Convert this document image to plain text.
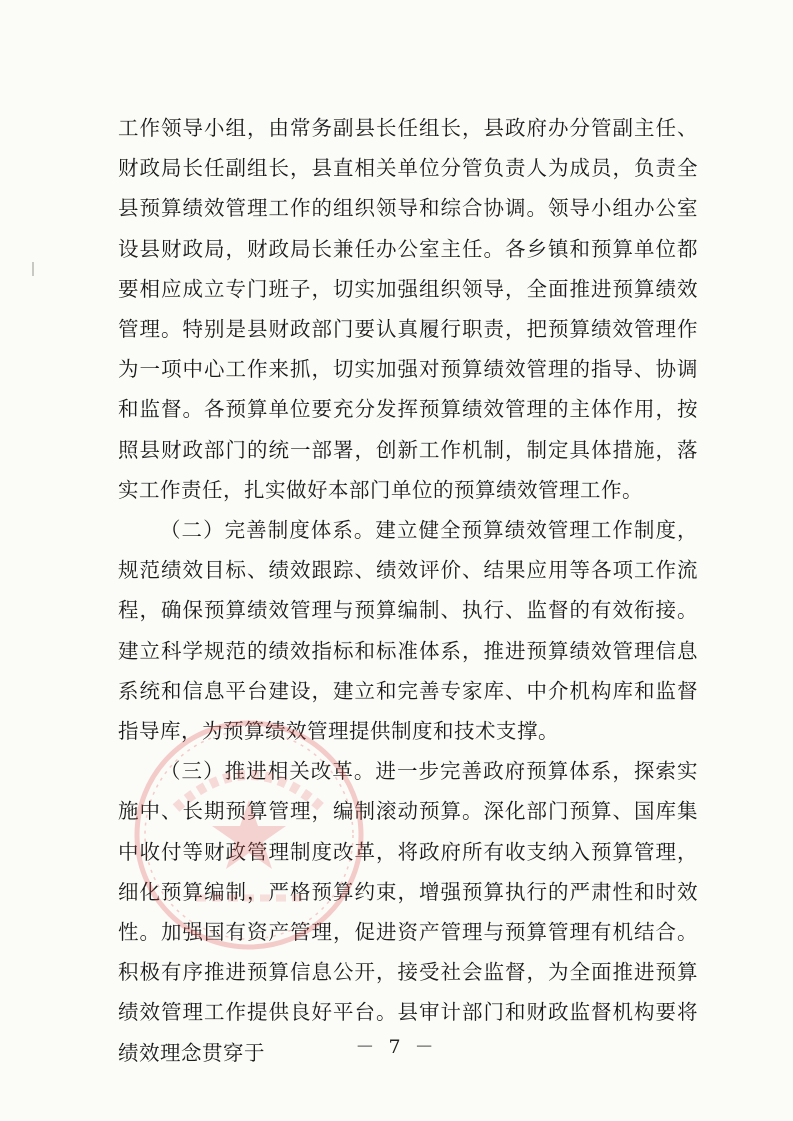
工作领导小组，由常务副县长任组长，县政府办分管副主任、财政局长任副组长，县直相关单位分管负责人为成员，负责全县预算绩效管理工作的组织领导和综合协调。领导小组办公室设县财政局，财政局长兼任办公室主任。各乡镇和预算单位都要相应成立专门班子，切实加强组织领导，全面推进预算绩效管理。特别是县财政部门要认真履行职责，把预算绩效管理作为一项中心工作来抓，切实加强对预算绩效管理的指导、协调和监督。各预算单位要充分发挥预算绩效管理的主体作用，按照县财政部门的统一部署，创新工作机制，制定具体措施，落实工作责任，扎实做好本部门单位的预算绩效管理工作。

（二）完善制度体系。建立健全预算绩效管理工作制度，规范绩效目标、绩效跟踪、绩效评价、结果应用等各项工作流程，确保预算绩效管理与预算编制、执行、监督的有效衔接。建立科学规范的绩效指标和标准体系，推进预算绩效管理信息系统和信息平台建设，建立和完善专家库、中介机构库和监督指导库，为预算绩效管理提供制度和技术支撑。

（三）推进相关改革。进一步完善政府预算体系，探索实施中、长期预算管理，编制滚动预算。深化部门预算、国库集中收付等财政管理制度改革，将政府所有收支纳入预算管理，细化预算编制，严格预算约束，增强预算执行的严肃性和时效性。加强国有资产管理，促进资产管理与预算管理有机结合。积极有序推进预算信息公开，接受社会监督，为全面推进预算绩效管理工作提供良好平台。县审计部门和财政监督机构要将绩效理念贯穿于	－ 7 －
